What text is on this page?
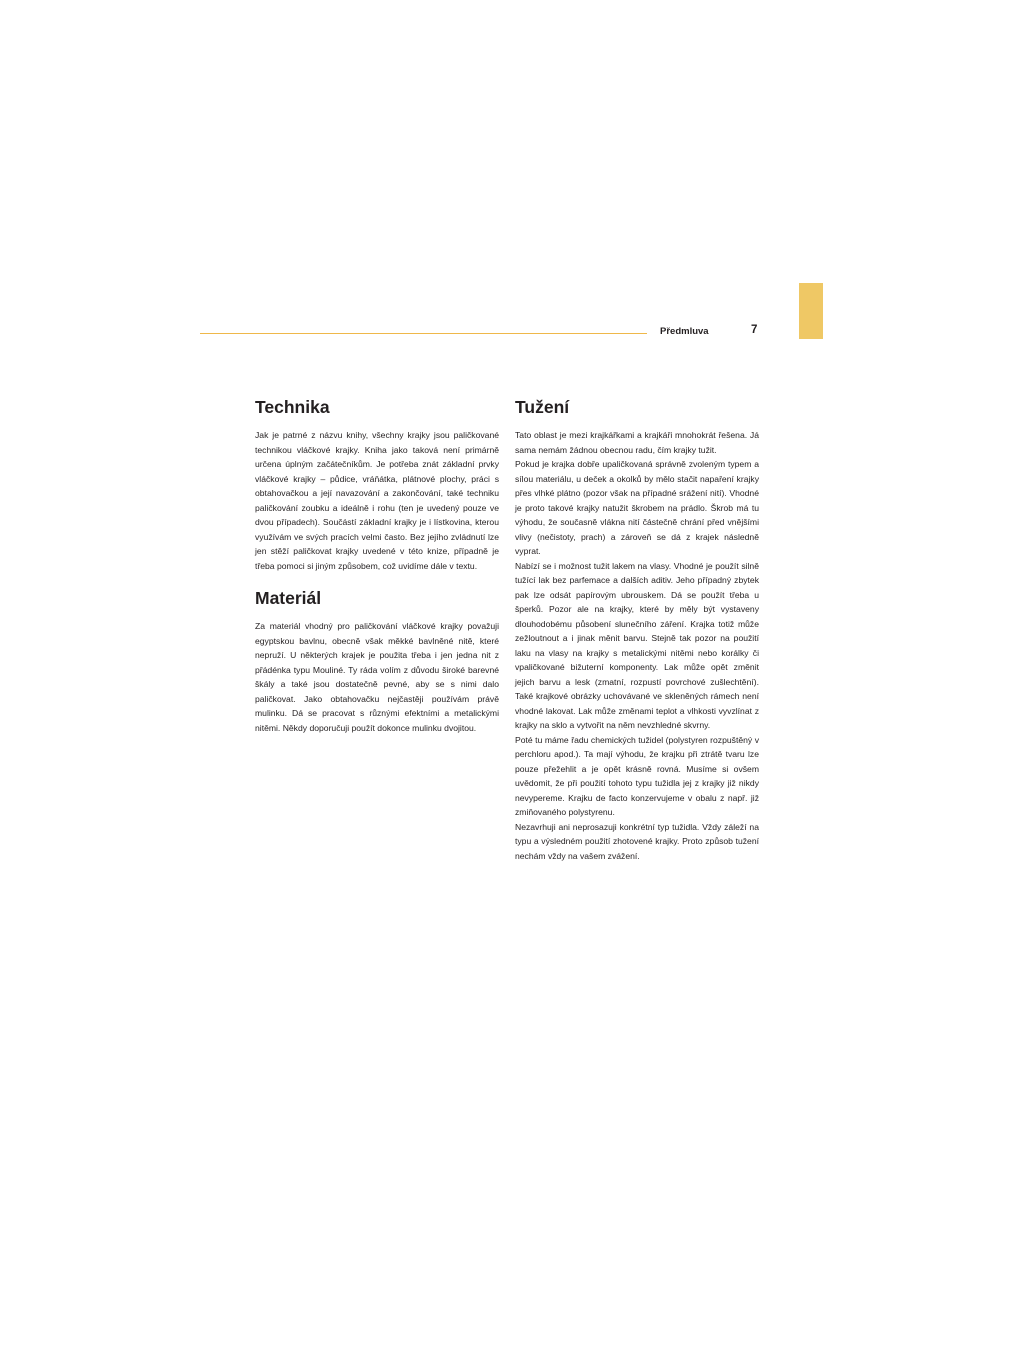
Předmluva	7
Technika

Jak je patrné z názvu knihy, všechny krajky jsou paličkované technikou vláčkové krajky. Kniha jako taková není primárně určena úplným začátečníkům. Je potřeba znát základní prvky vláčkové krajky – půdice, vráňátka, plátnové plochy, práci s obtahovačkou a její navazování a zakončování, také techniku paličkování zoubku a ideálně i rohu (ten je uvedený pouze ve dvou případech). Součástí základní krajky je i lístkovina, kterou využívám ve svých pracích velmi často. Bez jejího zvládnutí lze jen stěží paličkovat krajky uvedené v této knize, případně je třeba pomoci si jiným způsobem, což uvidíme dále v textu.

Materiál

Za materiál vhodný pro paličkování vláčkové krajky považuji egyptskou bavlnu, obecně však měkké bavlněné nitě, které nepruží. U některých krajek je použita třeba i jen jedna nit z přádénka typu Mouliné. Ty ráda volím z důvodu široké barevné škály a také jsou dostatečně pevné, aby se s nimi dalo paličkovat. Jako obtahovačku nejčastěji používám právě mulinku. Dá se pracovat s různými efektními a metalickými nitěmi. Někdy doporučuji použít dokonce mulinku dvojitou.

Tužení

Tato oblast je mezi krajkářkami a krajkáři mnohokrát řešena. Já sama nemám žádnou obecnou radu, čím krajky tužit.

Pokud je krajka dobře upaličkovaná správně zvoleným typem a sílou materiálu, u deček a okolků by mělo stačit napaření krajky přes vlhké plátno (pozor však na případné srážení nití). Vhodné je proto takové krajky natužit škrobem na prádlo. Škrob má tu výhodu, že současně vlákna nití částečně chrání před vnějšími vlivy (nečistoty, prach) a zároveň se dá z krajek následně vyprat.

Nabízí se i možnost tužit lakem na vlasy. Vhodné je použít silně tužící lak bez parfemace a dalších aditiv. Jeho případný zbytek pak lze odsát papírovým ubrouskem. Dá se použít třeba u šperků. Pozor ale na krajky, které by měly být vystaveny dlouhodobému působení slunečního záření. Krajka totiž může zežloutnout a i jinak měnit barvu. Stejně tak pozor na použití laku na vlasy na krajky s metalickými nitěmi nebo korálky či vpaličkované bižuterní komponenty. Lak může opět změnit jejich barvu a lesk (zmatní, rozpustí povrchové zušlechtění). Také krajkové obrázky uchovávané ve skleněných rámech není vhodné lakovat. Lak může změnami teplot a vlhkosti vyvzlínat z krajky na sklo a vytvořit na něm nevzhledné skvrny.

Poté tu máme řadu chemických tužidel (polystyren rozpuštěný v perchloru apod.). Ta mají výhodu, že krajku při ztrátě tvaru lze pouze přežehlit a je opět krásně rovná. Musíme si ovšem uvědomit, že při použití tohoto typu tužidla jej z krajky již nikdy nevypereme. Krajku de facto konzervujeme v obalu z např. již zmiňovaného polystyrenu.

Nezavrhuji ani neprosazuji konkrétní typ tužidla. Vždy záleží na typu a výsledném použití zhotovené krajky. Proto způsob tužení nechám vždy na vašem zvážení.
